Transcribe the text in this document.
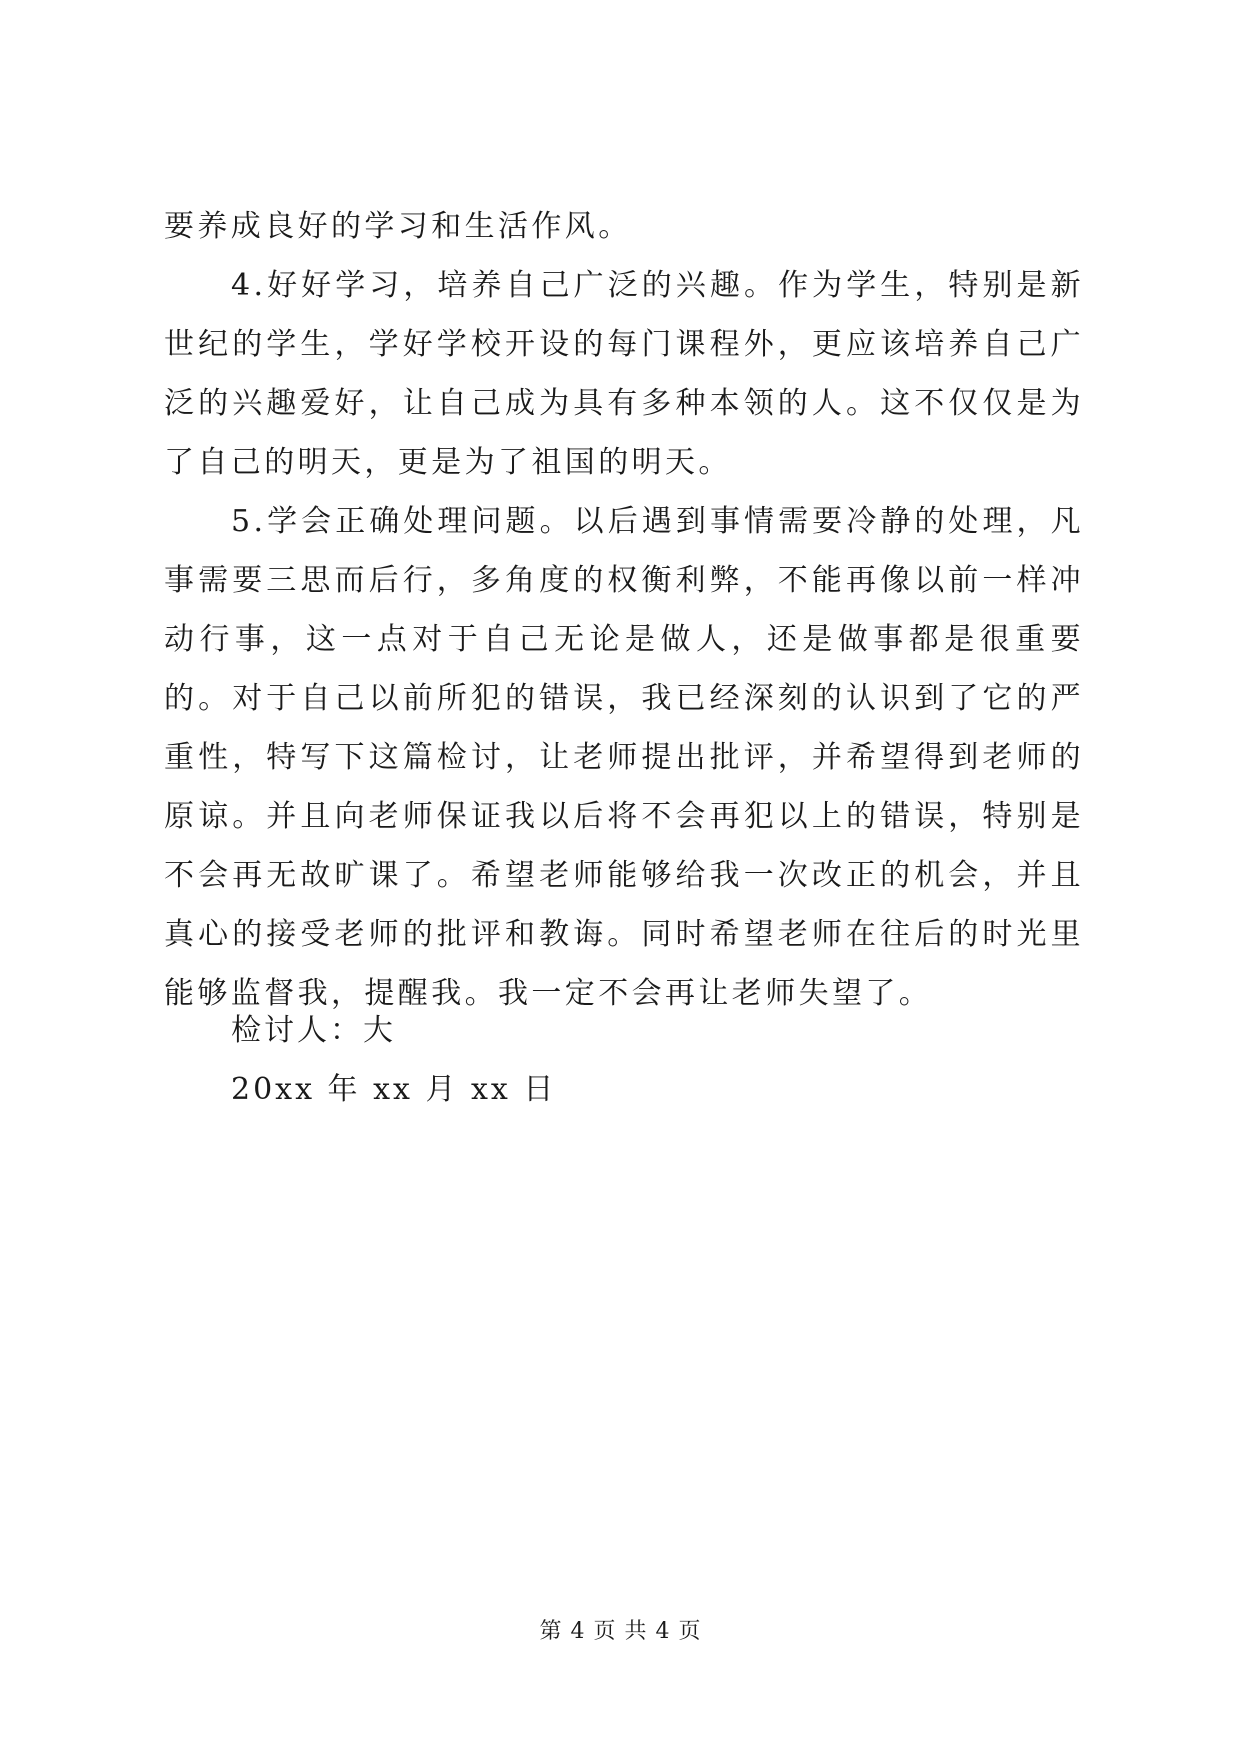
要养成良好的学习和生活作风。

4.好好学习，培养自己广泛的兴趣。作为学生，特别是新世纪的学生，学好学校开设的每门课程外，更应该培养自己广泛的兴趣爱好，让自己成为具有多种本领的人。这不仅仅是为了自己的明天，更是为了祖国的明天。

5.学会正确处理问题。以后遇到事情需要冷静的处理，凡事需要三思而后行，多角度的权衡利弊，不能再像以前一样冲动行事，这一点对于自己无论是做人，还是做事都是很重要的。对于自己以前所犯的错误，我已经深刻的认识到了它的严重性，特写下这篇检讨，让老师提出批评，并希望得到老师的原谅。并且向老师保证我以后将不会再犯以上的错误，特别是不会再无故旷课了。希望老师能够给我一次改正的机会，并且真心的接受老师的批评和教诲。同时希望老师在往后的时光里能够监督我，提醒我。我一定不会再让老师失望了。

检讨人：大

20xx 年 xx 月 xx 日

第 4 页 共 4 页
